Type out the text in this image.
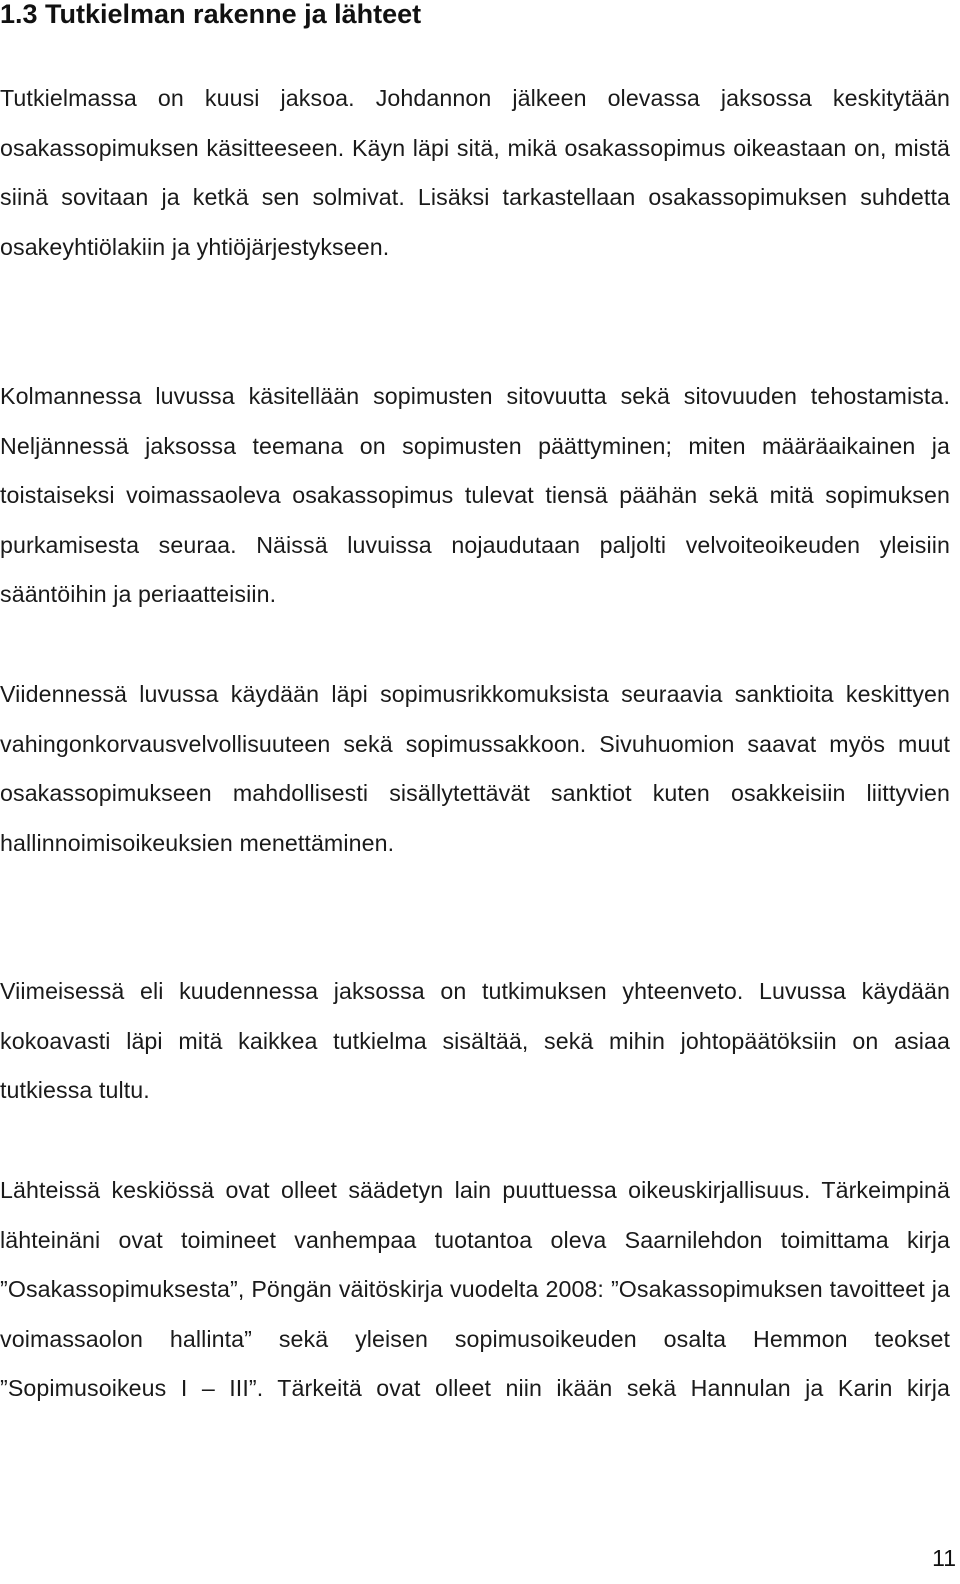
1.3 Tutkielman rakenne ja lähteet

Tutkielmassa on kuusi jaksoa. Johdannon jälkeen olevassa jaksossa keskitytään osakassopimuksen käsitteeseen. Käyn läpi sitä, mikä osakassopimus oikeastaan on, mistä siinä sovitaan ja ketkä sen solmivat. Lisäksi tarkastellaan osakassopimuksen suhdetta osakeyhtiölakiin ja yhtiöjärjestykseen.

Kolmannessa luvussa käsitellään sopimusten sitovuutta sekä sitovuuden tehostamista. Neljännessä jaksossa teemana on sopimusten päättyminen; miten määräaikainen ja toistaiseksi voimassaoleva osakassopimus tulevat tiensä päähän sekä mitä sopimuksen purkamisesta seuraa. Näissä luvuissa nojaudutaan paljolti velvoiteoikeuden yleisiin sääntöihin ja periaatteisiin.

Viidennessä luvussa käydään läpi sopimusrikkomuksista seuraavia sanktioita keskittyen vahingonkorvausvelvollisuuteen sekä sopimussakkoon. Sivuhuomion saavat myös muut osakassopimukseen mahdollisesti sisällytettävät sanktiot kuten osakkeisiin liittyvien hallinnoimisoikeuksien menettäminen.

Viimeisessä eli kuudennessa jaksossa on tutkimuksen yhteenveto. Luvussa käydään kokoavasti läpi mitä kaikkea tutkielma sisältää, sekä mihin johtopäätöksiin on asiaa tutkiessa tultu.

Lähteissä keskiössä ovat olleet säädetyn lain puuttuessa oikeuskirjallisuus. Tärkeimpinä lähteinäni ovat toimineet vanhempaa tuotantoa oleva Saarnilehdon toimittama kirja ”Osakassopimuksesta”, Pöngän väitöskirja vuodelta 2008: ”Osakassopimuksen tavoitteet ja voimassaolon hallinta” sekä yleisen sopimusoikeuden osalta Hemmon teokset ”Sopimusoikeus I – III”. Tärkeitä ovat olleet niin ikään sekä Hannulan ja Karin kirja

11
